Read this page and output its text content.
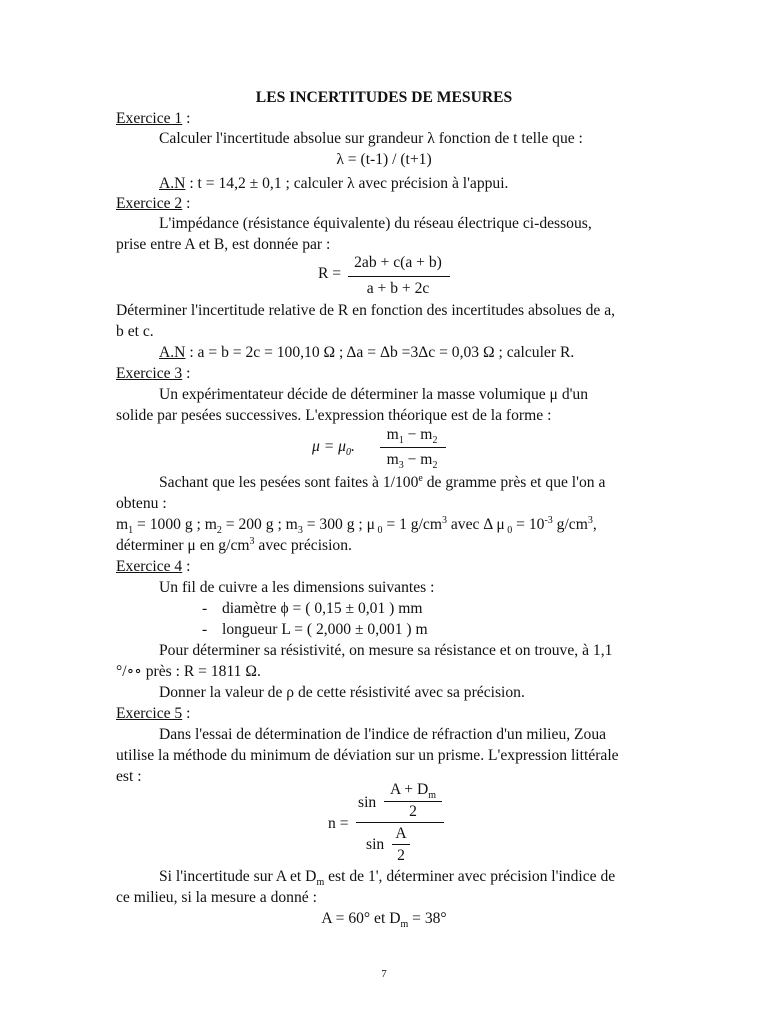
LES INCERTITUDES DE MESURES
Exercice 1 :
Calculer l'incertitude absolue sur grandeur λ fonction de t telle que :
λ = (t-1) / (t+1)
A.N : t = 14,2 ± 0,1 ; calculer λ avec précision à l'appui.
Exercice 2 :
L'impédance (résistance équivalente) du réseau électrique ci-dessous,
prise entre A et B, est donnée par :
R =
2ab + c(a + b)
a + b + 2c
Déterminer l'incertitude relative de R en fonction des incertitudes absolues de a,
b et c.
A.N : a = b = 2c = 100,10 Ω ; Δa = Δb =3Δc = 0,03 Ω ; calculer R.
Exercice 3 :
Un expérimentateur décide de déterminer la masse volumique μ d'un
solide par pesées successives. L'expression théorique est de la forme :
$\mu = \mu_0$.
$m_1 - m_2$
$m_3 - m_2$
Sachant que les pesées sont faites à 1/100e de gramme près et que l'on a
obtenu :
$m_1 = 1000$ g ; $m_2 = 200$ g ; $m_3 = 300$ g ; μ $_0$ = 1 $g/cm^3$ avec Δ μ $_0 = 10^{-3}$ $g/cm^3$,
déterminer μ en $g/cm^3$ avec précision.
Exercice 4 :
Un fil de cuivre a les dimensions suivantes :
- diamètre ϕ = ( 0,15 ± 0,01 ) mm
- longueur L = ( 2,000 ± 0,001 ) m
Pour déterminer sa résistivité, on mesure sa résistance et on trouve, à 1,1
°/∘∘ près : R = 1811 Ω.
Donner la valeur de ρ de cette résistivité avec sa précision.
Exercice 5 :
Dans l'essai de détermination de l'indice de réfraction d'un milieu, Zoua
utilise la méthode du minimum de déviation sur un prisme. L'expression littérale
est :
n =
sin
$A + D_m$
2
sin
A
2
Si l'incertitude sur A et $D_m$ est de 1', déterminer avec précision l'indice de
ce milieu, si la mesure a donné :
A = 60° et $D_m = 38^\circ$
7
